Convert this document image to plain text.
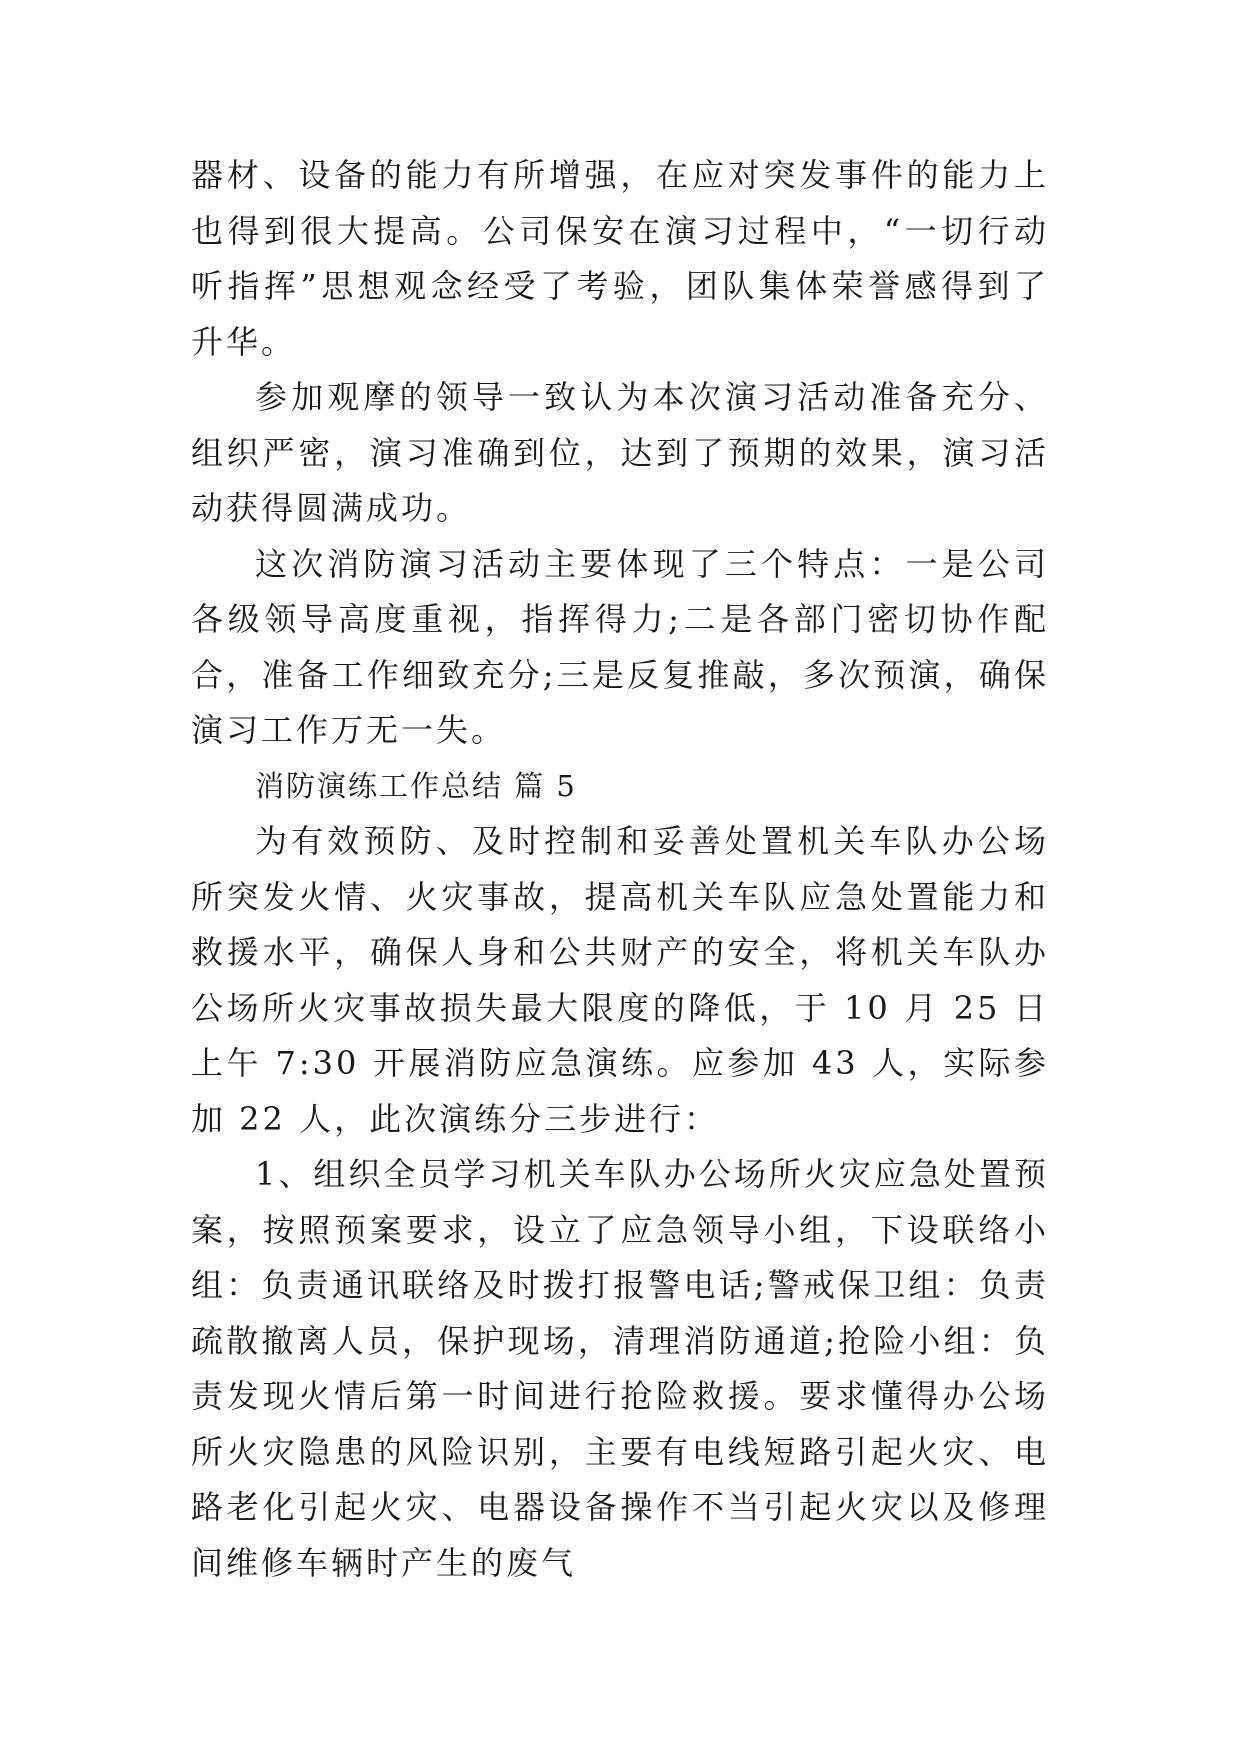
器材、设备的能力有所增强，在应对突发事件的能力上也得到很大提高。公司保安在演习过程中，“一切行动听指挥”思想观念经受了考验，团队集体荣誉感得到了升华。

参加观摩的领导一致认为本次演习活动准备充分、组织严密，演习准确到位，达到了预期的效果，演习活动获得圆满成功。

这次消防演习活动主要体现了三个特点：一是公司各级领导高度重视，指挥得力;二是各部门密切协作配合，准备工作细致充分;三是反复推敲，多次预演，确保演习工作万无一失。

消防演练工作总结 篇 5

为有效预防、及时控制和妥善处置机关车队办公场所突发火情、火灾事故，提高机关车队应急处置能力和救援水平，确保人身和公共财产的安全，将机关车队办公场所火灾事故损失最大限度的降低，于 10 月 25 日上午 7:30 开展消防应急演练。应参加 43 人，实际参加 22 人，此次演练分三步进行：

1、组织全员学习机关车队办公场所火灾应急处置预案，按照预案要求，设立了应急领导小组，下设联络小组：负责通讯联络及时拨打报警电话;警戒保卫组：负责疏散撤离人员，保护现场，清理消防通道;抢险小组：负责发现火情后第一时间进行抢险救援。要求懂得办公场所火灾隐患的风险识别，主要有电线短路引起火灾、电路老化引起火灾、电器设备操作不当引起火灾以及修理间维修车辆时产生的废气
